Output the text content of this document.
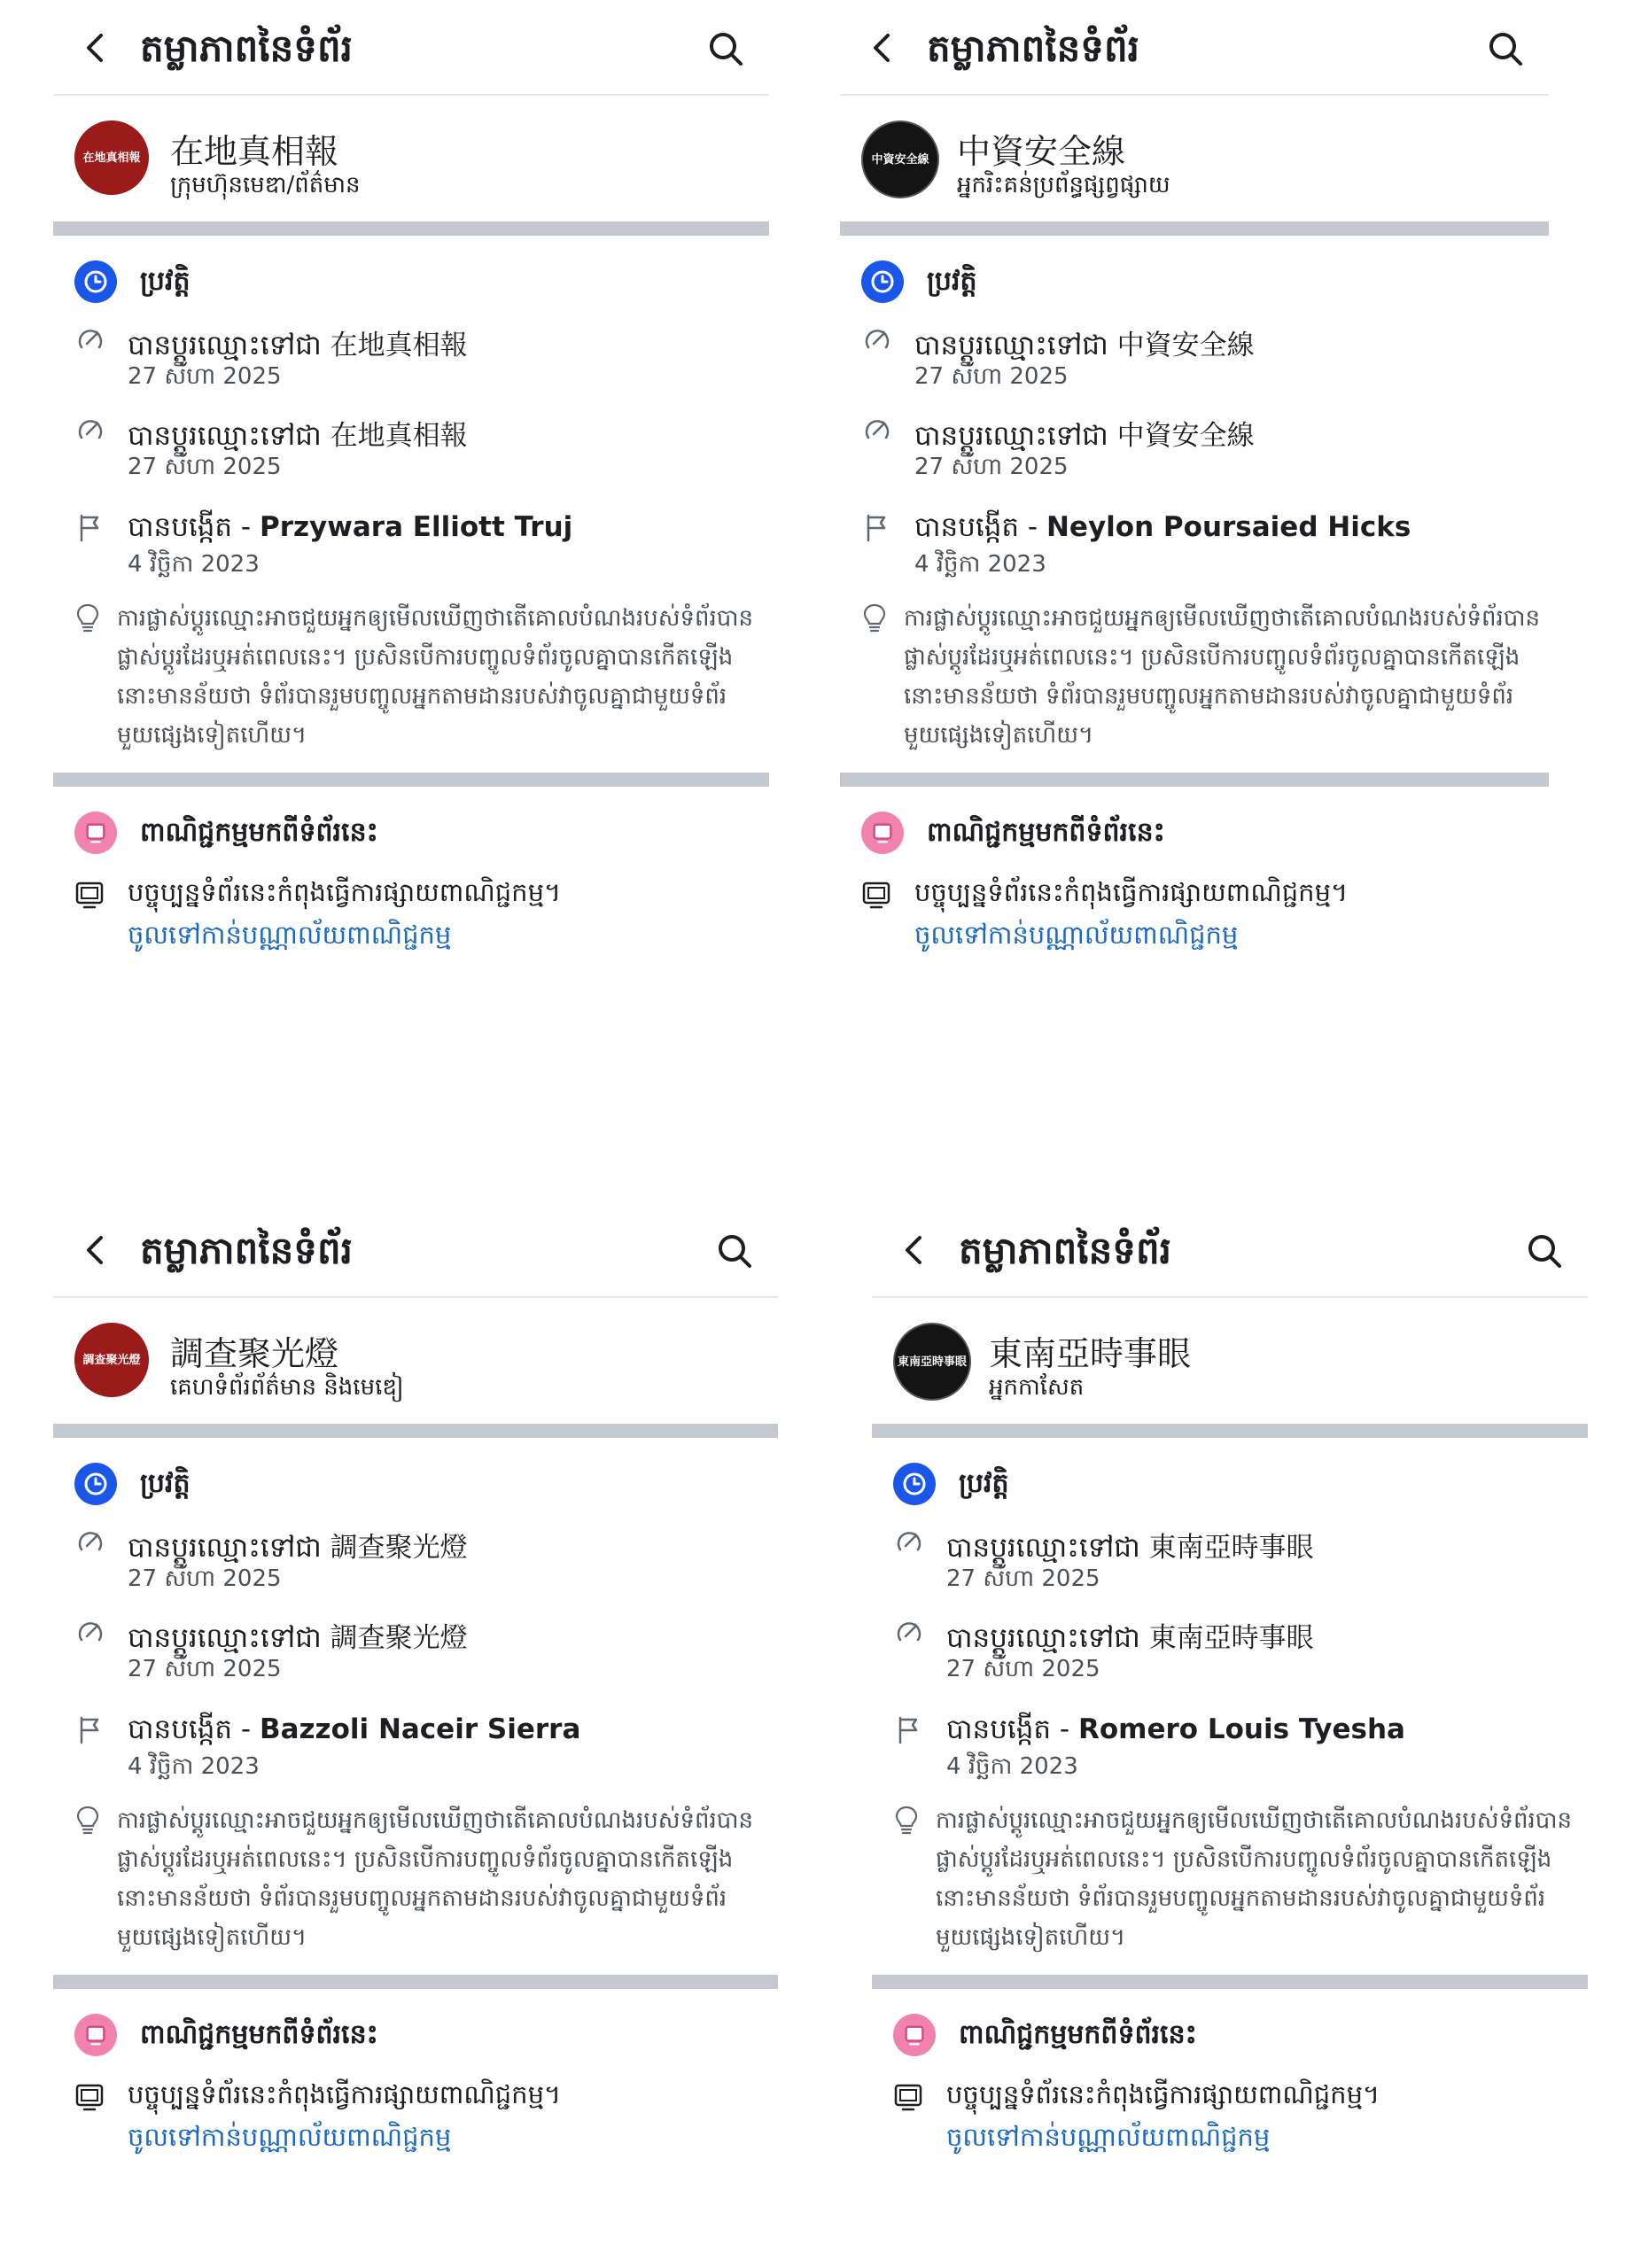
តម្លាភាពនៃទំព័រ
在地真相報 在地真相報
ក្រុមហ៊ុនមេឌា/ព័ត៌មាន
ប្រវត្តិ
បានប្ដូរឈ្មោះទៅជា 在地真相報
27 សីហា 2025
បានប្ដូរឈ្មោះទៅជា 在地真相報
27 សីហា 2025
បានបង្កើត - Przywara Elliott Truj
4 វិច្ឆិកា 2023
ការផ្លាស់ប្ដូរឈ្មោះអាចជួយអ្នកឲ្យមើលឃើញថាតើគោលបំណងរបស់ទំព័របានផ្លាស់ប្ដូរដែរឬអត់ពេលនេះ។ ប្រសិនបើការបញ្ចូលទំព័រចូលគ្នាបានកើតឡើង នោះមានន័យថា ទំព័របានរួមបញ្ចូលអ្នកតាមដានរបស់វាចូលគ្នាជាមួយទំព័រមួយផ្សេងទៀតហើយ។
ពាណិជ្ជកម្មមកពីទំព័រនេះ
បច្ចុប្បន្នទំព័រនេះកំពុងធ្វើការផ្សាយពាណិជ្ជកម្ម។
ចូលទៅកាន់បណ្ណាល័យពាណិជ្ជកម្ម
តម្លាភាពនៃទំព័រ
中資安全線 中資安全線
អ្នករិះគន់ប្រព័ន្ធផ្សព្វផ្សាយ
ប្រវត្តិ
បានប្ដូរឈ្មោះទៅជា 中資安全線
27 សីហា 2025
បានប្ដូរឈ្មោះទៅជា 中資安全線
27 សីហា 2025
បានបង្កើត - Neylon Poursaied Hicks
4 វិច្ឆិកា 2023
ការផ្លាស់ប្ដូរឈ្មោះអាចជួយអ្នកឲ្យមើលឃើញថាតើគោលបំណងរបស់ទំព័របានផ្លាស់ប្ដូរដែរឬអត់ពេលនេះ។ ប្រសិនបើការបញ្ចូលទំព័រចូលគ្នាបានកើតឡើង នោះមានន័យថា ទំព័របានរួមបញ្ចូលអ្នកតាមដានរបស់វាចូលគ្នាជាមួយទំព័រមួយផ្សេងទៀតហើយ។
ពាណិជ្ជកម្មមកពីទំព័រនេះ
បច្ចុប្បន្នទំព័រនេះកំពុងធ្វើការផ្សាយពាណិជ្ជកម្ម។
ចូលទៅកាន់បណ្ណាល័យពាណិជ្ជកម្ម
តម្លាភាពនៃទំព័រ
調查聚光燈 調查聚光燈
គេហទំព័រព័ត៌មាន និងមេឌៀ
ប្រវត្តិ
បានប្ដូរឈ្មោះទៅជា 調查聚光燈
27 សីហា 2025
បានប្ដូរឈ្មោះទៅជា 調查聚光燈
27 សីហា 2025
បានបង្កើត - Bazzoli Naceir Sierra
4 វិច្ឆិកា 2023
ការផ្លាស់ប្ដូរឈ្មោះអាចជួយអ្នកឲ្យមើលឃើញថាតើគោលបំណងរបស់ទំព័របានផ្លាស់ប្ដូរដែរឬអត់ពេលនេះ។ ប្រសិនបើការបញ្ចូលទំព័រចូលគ្នាបានកើតឡើង នោះមានន័យថា ទំព័របានរួមបញ្ចូលអ្នកតាមដានរបស់វាចូលគ្នាជាមួយទំព័រមួយផ្សេងទៀតហើយ។
ពាណិជ្ជកម្មមកពីទំព័រនេះ
បច្ចុប្បន្នទំព័រនេះកំពុងធ្វើការផ្សាយពាណិជ្ជកម្ម។
ចូលទៅកាន់បណ្ណាល័យពាណិជ្ជកម្ម
តម្លាភាពនៃទំព័រ
東南亞時事眼 東南亞時事眼
អ្នកកាសែត
ប្រវត្តិ
បានប្ដូរឈ្មោះទៅជា 東南亞時事眼
27 សីហា 2025
បានប្ដូរឈ្មោះទៅជា 東南亞時事眼
27 សីហា 2025
បានបង្កើត - Romero Louis Tyesha
4 វិច្ឆិកា 2023
ការផ្លាស់ប្ដូរឈ្មោះអាចជួយអ្នកឲ្យមើលឃើញថាតើគោលបំណងរបស់ទំព័របានផ្លាស់ប្ដូរដែរឬអត់ពេលនេះ។ ប្រសិនបើការបញ្ចូលទំព័រចូលគ្នាបានកើតឡើង នោះមានន័យថា ទំព័របានរួមបញ្ចូលអ្នកតាមដានរបស់វាចូលគ្នាជាមួយទំព័រមួយផ្សេងទៀតហើយ។
ពាណិជ្ជកម្មមកពីទំព័រនេះ
បច្ចុប្បន្នទំព័រនេះកំពុងធ្វើការផ្សាយពាណិជ្ជកម្ម។
ចូលទៅកាន់បណ្ណាល័យពាណិជ្ជកម្ម
